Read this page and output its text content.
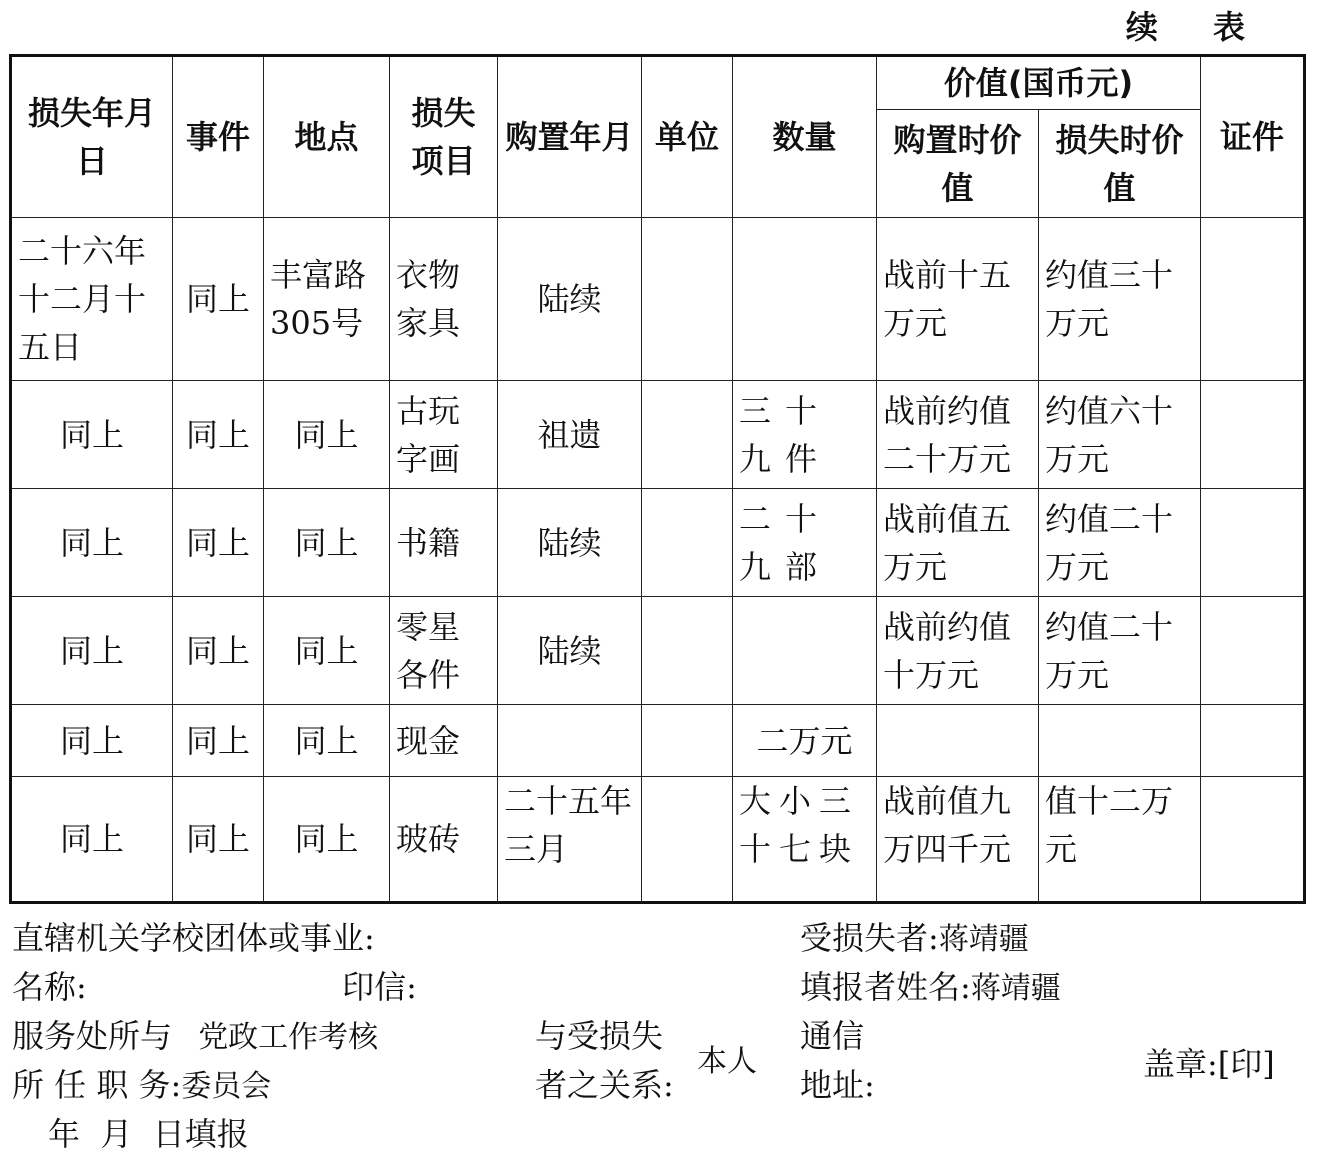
续 表
损失年月日	事件	地点	损失项目	购置年月	单位	数量	价值(国币元)		证件
							购置时价值	损失时价值	
二十六年十二月十五日	同上	丰富路305号	衣物家具	陆续			战前十五万元	约值三十万元	
同上	同上	同上	古玩字画	祖遗		三十九件	战前约值二十万元	约值六十万元	
同上	同上	同上	书籍	陆续		二十九部	战前值五万元	约值二十万元	
同上	同上	同上	零星各件	陆续			战前约值十万元	约值二十万元	
同上	同上	同上	现金			二万元			
同上	同上	同上	玻砖	二十五年三月		大小三十七块	战前值九万四千元	值十二万元	
直辖机关学校团体或事业:
名称:	印信:
服务处所与 党政工作考核
所 任 职 务:委员会
年  月  日填报
与受损失
者之关系:
本人
受损失者:蒋靖疆
填报者姓名:蒋靖疆
通信
地址:
盖章:[印]
